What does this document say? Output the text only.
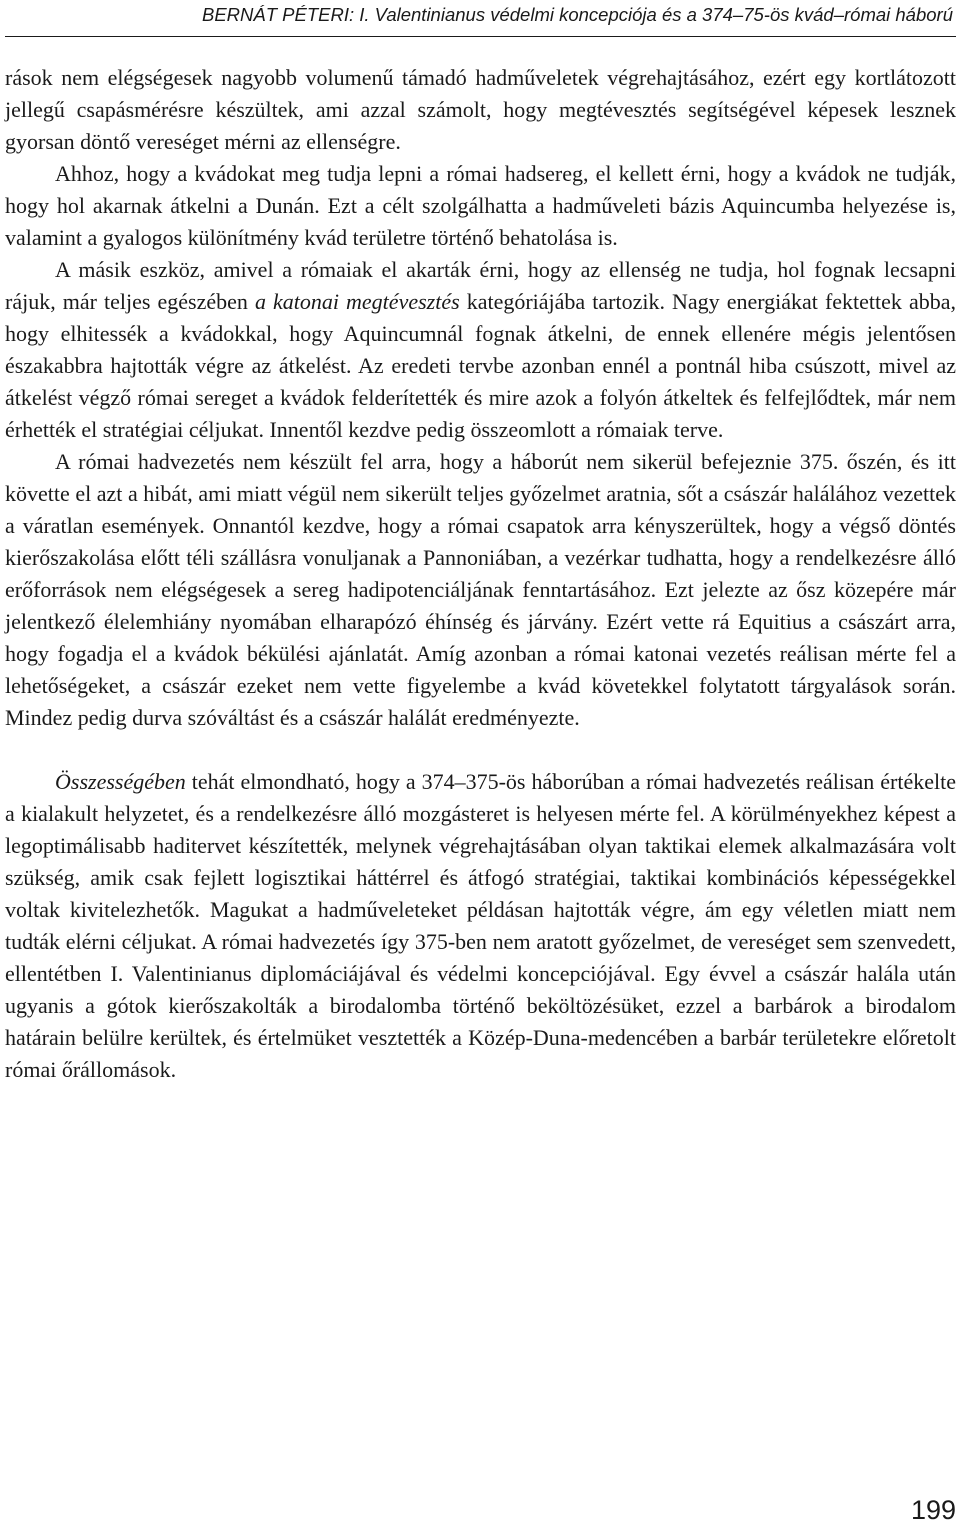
BERNÁT PÉTERI: I. Valentinianus védelmi koncepciója és a 374–75-ös kvád–római háború

rások nem elégségesek nagyobb volumenű támadó hadműveletek végrehajtásához, ezért egy kortlátozott jellegű csapásmérésre készültek, ami azzal számolt, hogy megtévesztés segítségével képesek lesznek gyorsan döntő vereséget mérni az ellenségre.

Ahhoz, hogy a kvádokat meg tudja lepni a római hadsereg, el kellett érni, hogy a kvádok ne tudják, hogy hol akarnak átkelni a Dunán. Ezt a célt szolgálhatta a hadműveleti bázis Aquincumba helyezése is, valamint a gyalogos különítmény kvád területre történő behatolása is.

A másik eszköz, amivel a rómaiak el akarták érni, hogy az ellenség ne tudja, hol fognak lecsapni rájuk, már teljes egészében a katonai megtévesztés kategóriájába tartozik. Nagy energiákat fektettek abba, hogy elhitessék a kvádokkal, hogy Aquincumnál fognak átkelni, de ennek ellenére mégis jelentősen északabbra hajtották végre az átkelést. Az eredeti tervbe azonban ennél a pontnál hiba csúszott, mivel az átkelést végző római sereget a kvádok felderítették és mire azok a folyón átkeltek és felfejlődtek, már nem érhették el stratégiai céljukat. Innentől kezdve pedig összeomlott a rómaiak terve.

A római hadvezetés nem készült fel arra, hogy a háborút nem sikerül befejeznie 375. őszén, és itt követte el azt a hibát, ami miatt végül nem sikerült teljes győzelmet aratnia, sőt a császár halálához vezettek a váratlan események. Onnantól kezdve, hogy a római csapatok arra kényszerültek, hogy a végső döntés kierőszakolása előtt téli szállásra vonuljanak a Pannoniában, a vezérkar tudhatta, hogy a rendelkezésre álló erőforrások nem elégségesek a sereg hadipotenciáljának fenntartásához. Ezt jelezte az ősz közepére már jelentkező élelemhiány nyomában elharapózó éhínség és járvány. Ezért vette rá Equitius a császárt arra, hogy fogadja el a kvádok békülési ajánlatát. Amíg azonban a római katonai vezetés reálisan mérte fel a lehetőségeket, a császár ezeket nem vette figyelembe a kvád követekkel folytatott tárgyalások során. Mindez pedig durva szóváltást és a császár halálát eredményezte.

Összességében tehát elmondható, hogy a 374–375-ös háborúban a római hadvezetés reálisan értékelte a kialakult helyzetet, és a rendelkezésre álló mozgásteret is helyesen mérte fel. A körülményekhez képest a legoptimálisabb haditervet készítették, melynek végrehajtásában olyan taktikai elemek alkalmazására volt szükség, amik csak fejlett logisztikai háttérrel és átfogó stratégiai, taktikai kombinációs képességekkel voltak kivitelezhetők. Magukat a hadműveleteket példásan hajtották végre, ám egy véletlen miatt nem tudták elérni céljukat. A római hadvezetés így 375-ben nem aratott győzelmet, de vereséget sem szenvedett, ellentétben I. Valentinianus diplomáciájával és védelmi koncepciójával. Egy évvel a császár halála után ugyanis a gótok kierőszakolták a birodalomba történő beköltözésüket, ezzel a barbárok a birodalom határain belülre kerültek, és értelmüket vesztették a Közép-Duna-medencében a barbár területekre előretolt római őrállomások.

199
